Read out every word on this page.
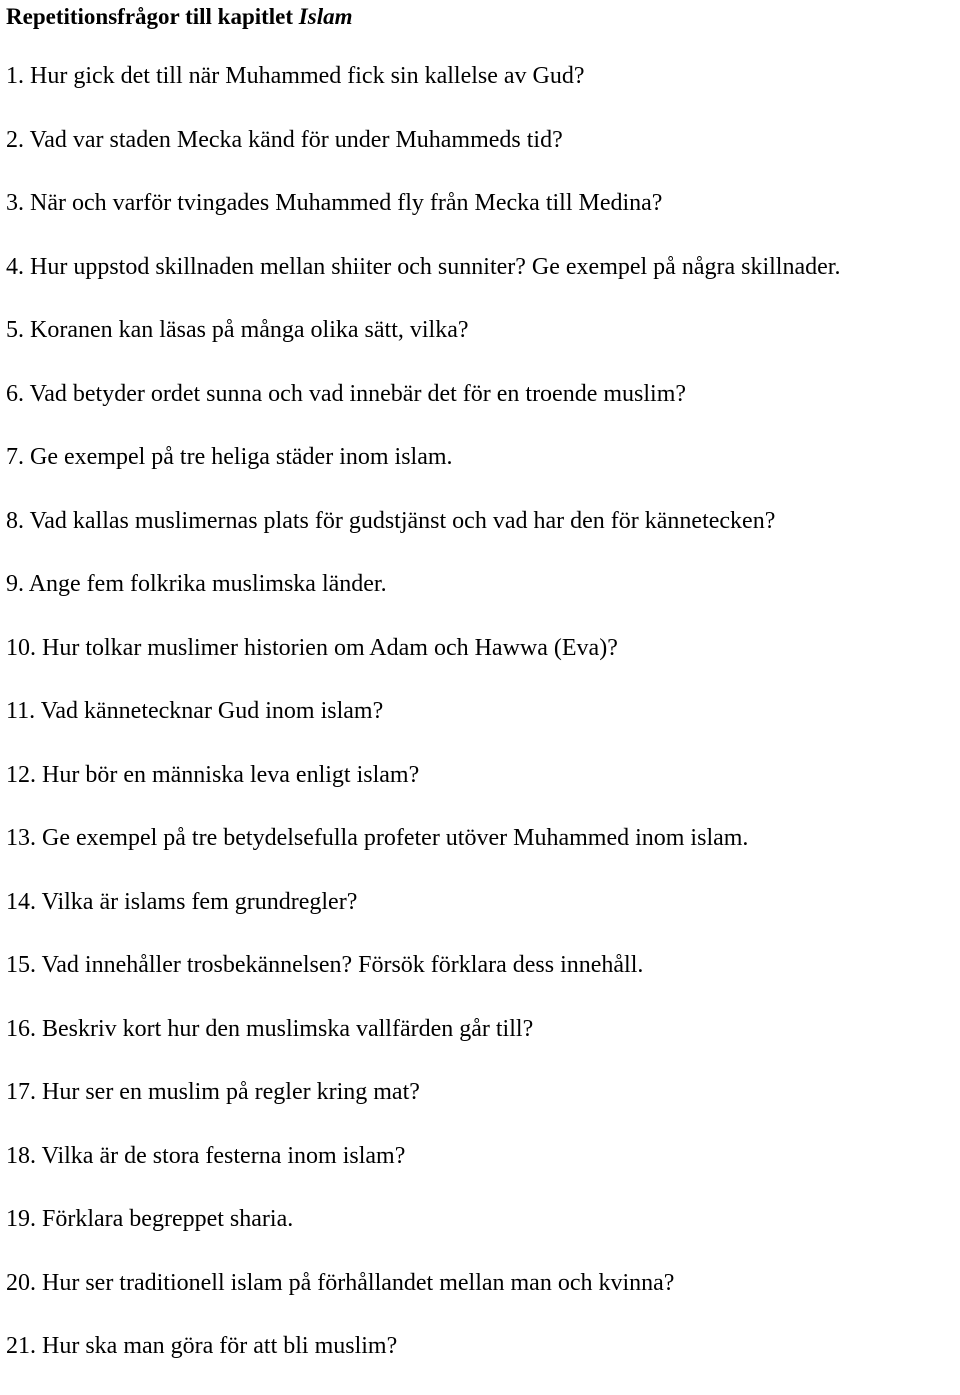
Repetitionsfrågor till kapitlet Islam
1. Hur gick det till när Muhammed fick sin kallelse av Gud?
2. Vad var staden Mecka känd för under Muhammeds tid?
3. När och varför tvingades Muhammed fly från Mecka till Medina?
4. Hur uppstod skillnaden mellan shiiter och sunniter? Ge exempel på några skillnader.
5. Koranen kan läsas på många olika sätt, vilka?
6. Vad betyder ordet sunna och vad innebär det för en troende muslim?
7. Ge exempel på tre heliga städer inom islam.
8. Vad kallas muslimernas plats för gudstjänst och vad har den för kännetecken?
9. Ange fem folkrika muslimska länder.
10. Hur tolkar muslimer historien om Adam och Hawwa (Eva)?
11. Vad kännetecknar Gud inom islam?
12. Hur bör en människa leva enligt islam?
13. Ge exempel på tre betydelsefulla profeter utöver Muhammed inom islam.
14. Vilka är islams fem grundregler?
15. Vad innehåller trosbekännelsen? Försök förklara dess innehåll.
16. Beskriv kort hur den muslimska vallfärden går till?
17. Hur ser en muslim på regler kring mat?
18. Vilka är de stora festerna inom islam?
19. Förklara begreppet sharia.
20. Hur ser traditionell islam på förhållandet mellan man och kvinna?
21. Hur ska man göra för att bli muslim?
